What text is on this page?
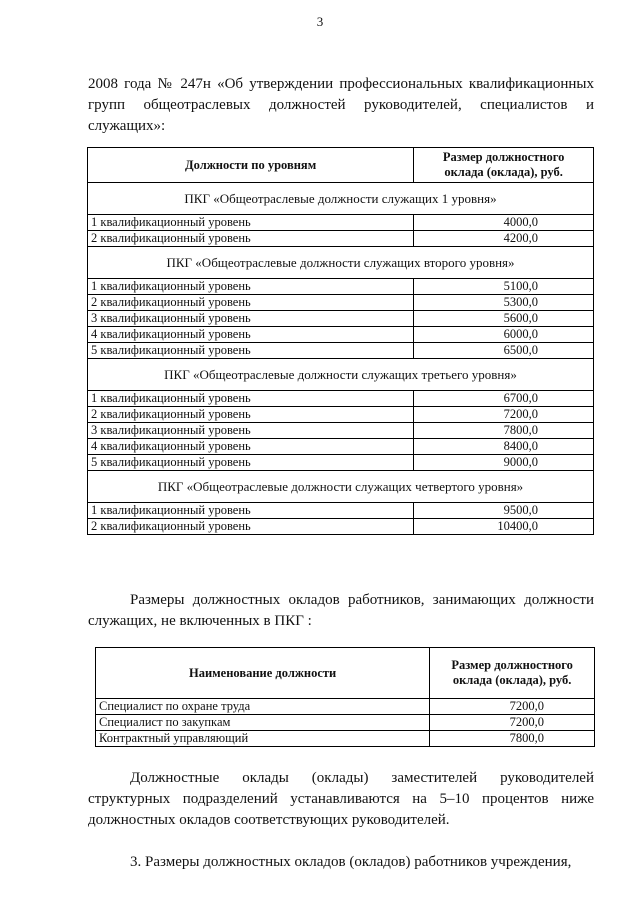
3
2008 года № 247н «Об утверждении профессиональных квалификационных
групп общеотраслевых должностей руководителей, специалистов и
служащих»:
Должности по уровням	Размер должностного
оклада (оклада), руб.
ПКГ «Общеотраслевые должности служащих 1 уровня»	
1 квалификационный уровень	4000,0
2 квалификационный уровень	4200,0
ПКГ «Общеотраслевые должности служащих второго уровня»	
1 квалификационный уровень	5100,0
2 квалификационный уровень	5300,0
3 квалификационный уровень	5600,0
4 квалификационный уровень	6000,0
5 квалификационный уровень	6500,0
ПКГ «Общеотраслевые должности служащих третьего уровня»	
1 квалификационный уровень	6700,0
2 квалификационный уровень	7200,0
3 квалификационный уровень	7800,0
4 квалификационный уровень	8400,0
5 квалификационный уровень	9000,0
ПКГ «Общеотраслевые должности служащих четвертого уровня»	
1 квалификационный уровень	9500,0
2 квалификационный уровень	10400,0
Размеры должностных окладов работников, занимающих должности служащих, не включенных в ПКГ :
Наименование должности	Размер должностного
оклада (оклада), руб.
Специалист по охране труда	7200,0
Специалист по закупкам	7200,0
Контрактный управляющий	7800,0
Должностные оклады (оклады) заместителей руководителей
структурных подразделений устанавливаются на 5–10 процентов ниже
должностных окладов соответствующих руководителей.
3. Размеры должностных окладов (окладов) работников учреждения,
